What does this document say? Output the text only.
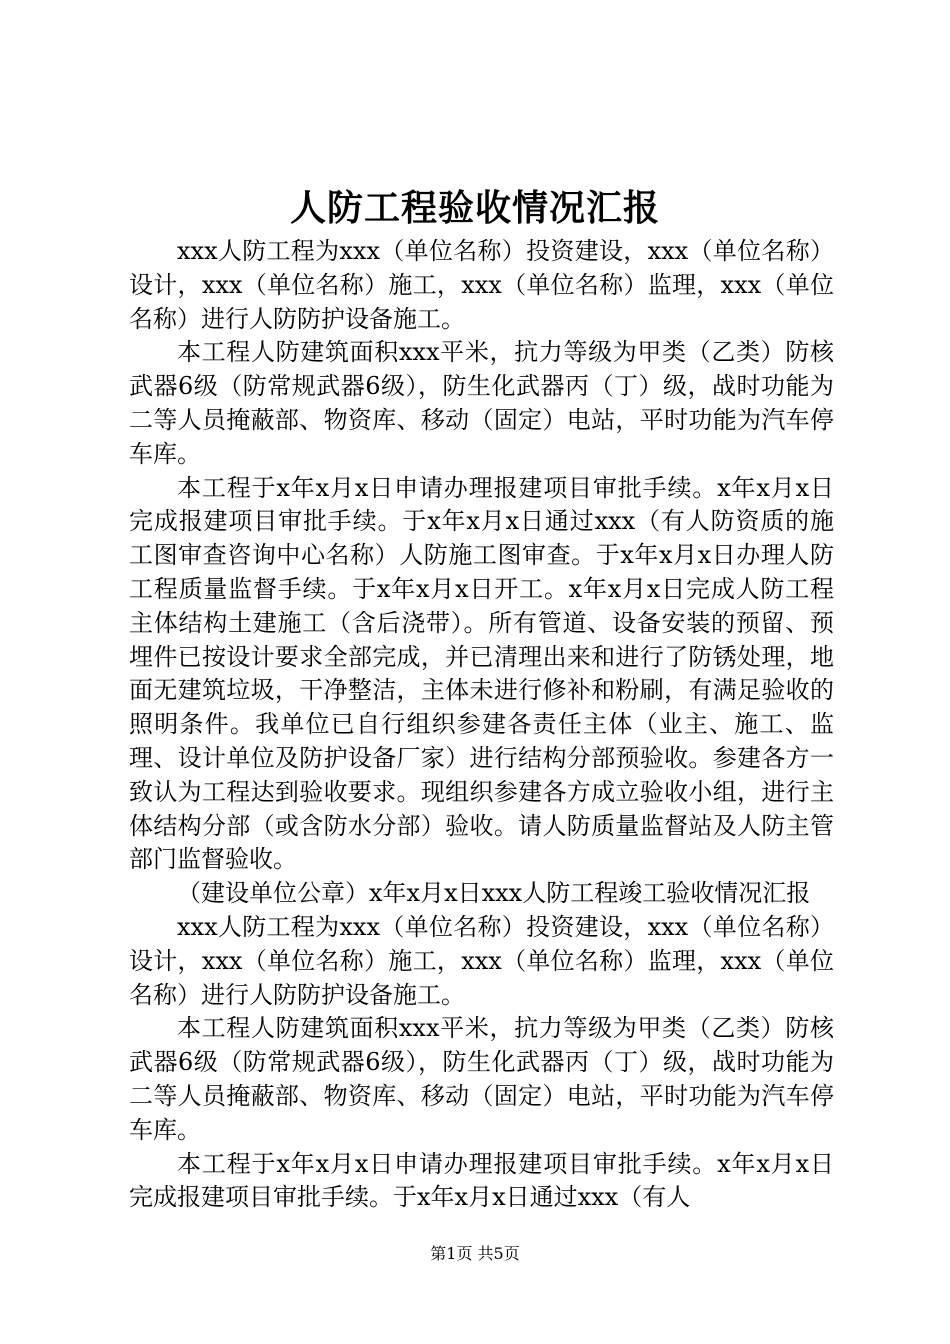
人防工程验收情况汇报

xxx人防工程为xxx（单位名称）投资建设，xxx（单位名称）设计，xxx（单位名称）施工，xxx（单位名称）监理，xxx（单位名称）进行人防防护设备施工。

本工程人防建筑面积xxx平米，抗力等级为甲类（乙类）防核武器6级（防常规武器6级），防生化武器丙（丁）级，战时功能为二等人员掩蔽部、物资库、移动（固定）电站，平时功能为汽车停车库。

本工程于x年x月x日申请办理报建项目审批手续。x年x月x日完成报建项目审批手续。于x年x月x日通过xxx（有人防资质的施工图审查咨询中心名称）人防施工图审查。于x年x月x日办理人防工程质量监督手续。于x年x月x日开工。x年x月x日完成人防工程主体结构土建施工（含后浇带）。所有管道、设备安装的预留、预埋件已按设计要求全部完成，并已清理出来和进行了防锈处理，地面无建筑垃圾，干净整洁，主体未进行修补和粉刷，有满足验收的照明条件。我单位已自行组织参建各责任主体（业主、施工、监理、设计单位及防护设备厂家）进行结构分部预验收。参建各方一致认为工程达到验收要求。现组织参建各方成立验收小组，进行主体结构分部（或含防水分部）验收。请人防质量监督站及人防主管部门监督验收。

（建设单位公章）x年x月x日xxx人防工程竣工验收情况汇报

xxx人防工程为xxx（单位名称）投资建设，xxx（单位名称）设计，xxx（单位名称）施工，xxx（单位名称）监理，xxx（单位名称）进行人防防护设备施工。

本工程人防建筑面积xxx平米，抗力等级为甲类（乙类）防核武器6级（防常规武器6级），防生化武器丙（丁）级，战时功能为二等人员掩蔽部、物资库、移动（固定）电站，平时功能为汽车停车库。

本工程于x年x月x日申请办理报建项目审批手续。x年x月x日完成报建项目审批手续。于x年x月x日通过xxx（有人

第1页 共5页
